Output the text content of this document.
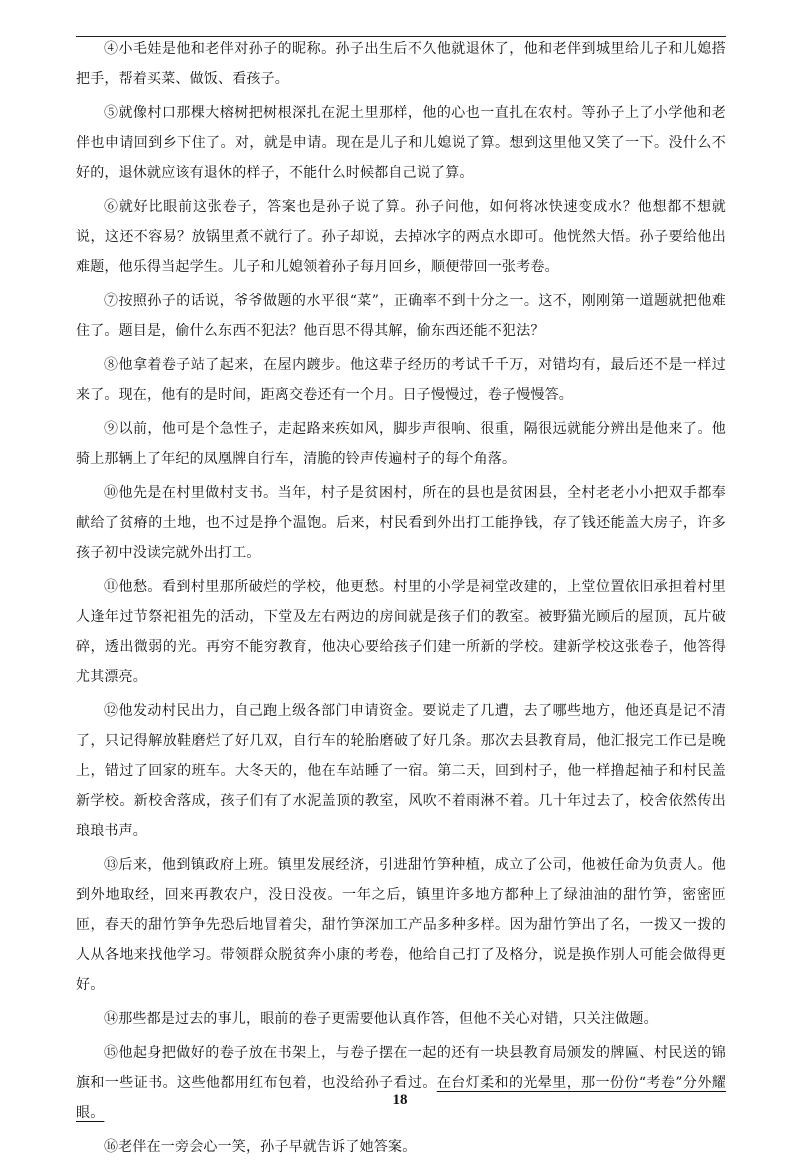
④小毛娃是他和老伴对孙子的昵称。孙子出生后不久他就退休了，他和老伴到城里给儿子和儿媳搭把手，帮着买菜、做饭、看孩子。

⑤就像村口那棵大榕树把树根深扎在泥土里那样，他的心也一直扎在农村。等孙子上了小学他和老伴也申请回到乡下住了。对，就是申请。现在是儿子和儿媳说了算。想到这里他又笑了一下。没什么不好的，退休就应该有退休的样子，不能什么时候都自己说了算。

⑥就好比眼前这张卷子，答案也是孙子说了算。孙子问他，如何将冰快速变成水？他想都不想就说，这还不容易？放锅里煮不就行了。孙子却说，去掉冰字的两点水即可。他恍然大悟。孙子要给他出难题，他乐得当起学生。儿子和儿媳领着孙子每月回乡，顺便带回一张考卷。

⑦按照孙子的话说，爷爷做题的水平很“菜”，正确率不到十分之一。这不，刚刚第一道题就把他难住了。题目是，偷什么东西不犯法？他百思不得其解，偷东西还能不犯法？

⑧他拿着卷子站了起来，在屋内踱步。他这辈子经历的考试千千万，对错均有，最后还不是一样过来了。现在，他有的是时间，距离交卷还有一个月。日子慢慢过，卷子慢慢答。

⑨以前，他可是个急性子，走起路来疾如风，脚步声很响、很重，隔很远就能分辨出是他来了。他骑上那辆上了年纪的凤凰牌自行车，清脆的铃声传遍村子的每个角落。

⑩他先是在村里做村支书。当年，村子是贫困村，所在的县也是贫困县，全村老老小小把双手都奉献给了贫瘠的土地，也不过是挣个温饱。后来，村民看到外出打工能挣钱，存了钱还能盖大房子，许多孩子初中没读完就外出打工。

⑪他愁。看到村里那所破烂的学校，他更愁。村里的小学是祠堂改建的，上堂位置依旧承担着村里人逢年过节祭祀祖先的活动，下堂及左右两边的房间就是孩子们的教室。被野猫光顾后的屋顶，瓦片破碎，透出微弱的光。再穷不能穷教育，他决心要给孩子们建一所新的学校。建新学校这张卷子，他答得尤其漂亮。

⑫他发动村民出力，自己跑上级各部门申请资金。要说走了几遭，去了哪些地方，他还真是记不清了，只记得解放鞋磨烂了好几双，自行车的轮胎磨破了好几条。那次去县教育局，他汇报完工作已是晚上，错过了回家的班车。大冬天的，他在车站睡了一宿。第二天，回到村子，他一样撸起袖子和村民盖新学校。新校舍落成，孩子们有了水泥盖顶的教室，风吹不着雨淋不着。几十年过去了，校舍依然传出琅琅书声。

⑬后来，他到镇政府上班。镇里发展经济，引进甜竹笋种植，成立了公司，他被任命为负责人。他到外地取经，回来再教农户，没日没夜。一年之后，镇里许多地方都种上了绿油油的甜竹笋，密密匝匝，春天的甜竹笋争先恐后地冒着尖，甜竹笋深加工产品多种多样。因为甜竹笋出了名，一拨又一拨的人从各地来找他学习。带领群众脱贫奔小康的考卷，他给自己打了及格分，说是换作别人可能会做得更好。

⑭那些都是过去的事儿，眼前的卷子更需要他认真作答，但他不关心对错，只关注做题。

⑮他起身把做好的卷子放在书架上，与卷子摆在一起的还有一块县教育局颁发的牌匾、村民送的锦旗和一些证书。这些他都用红布包着，也没给孙子看过。在台灯柔和的光晕里，那一份份“考卷”分外耀眼。

⑯老伴在一旁会心一笑，孙子早就告诉了她答案。

18
